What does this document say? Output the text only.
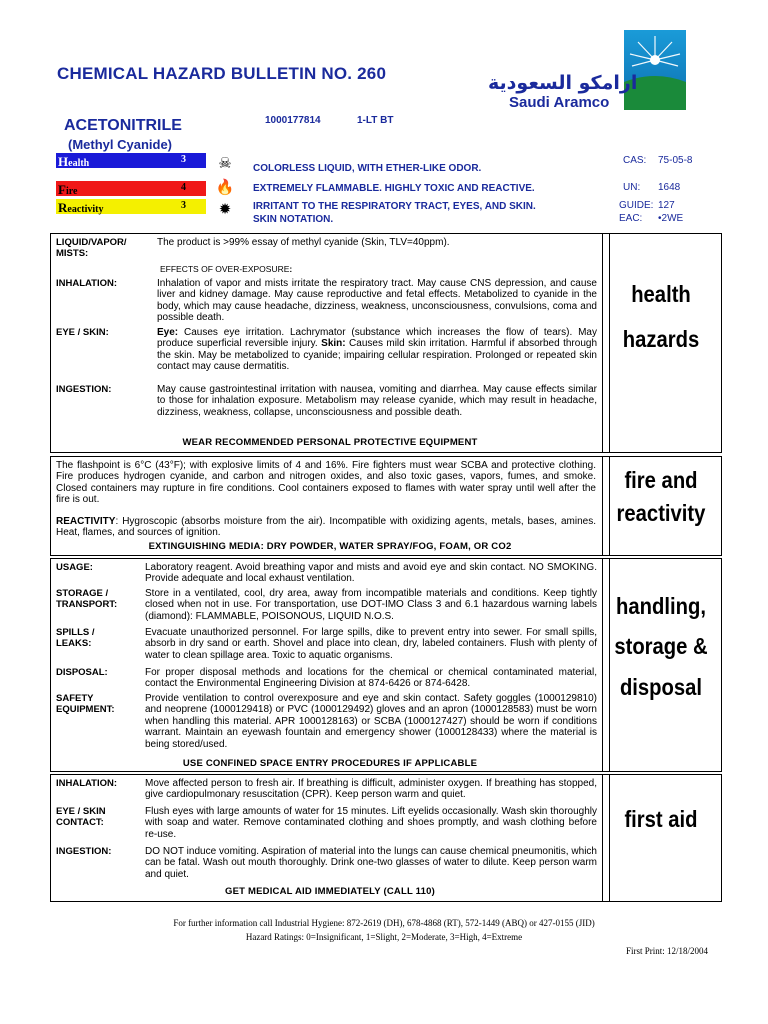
CHEMICAL HAZARD BULLETIN NO. 260	ارامكو السعودية
Saudi Aramco
ACETONITRILE
(Methyl Cyanide)
1000177814	1-LT BT
Health	3
Fire	4
Reactivity	3
☠
🔥
✹
COLORLESS LIQUID, WITH ETHER-LIKE ODOR.
EXTREMELY FLAMMABLE. HIGHLY TOXIC AND REACTIVE.
IRRITANT TO THE RESPIRATORY TRACT, EYES, AND SKIN. SKIN NOTATION.
CAS: 75-05-8
UN: 1648
GUIDE: 127
EAC: •2WE
health
hazards
LIQUID/VAPOR/ MISTS:
The product is >99% essay of methyl cyanide (Skin, TLV=40ppm).
EFFECTS OF OVER-EXPOSURE:
INHALATION:	Inhalation of vapor and mists irritate the respiratory tract. May cause CNS depression, and cause liver and kidney damage. May cause reproductive and fetal effects. Metabolized to cyanide in the body, which may cause headache, dizziness, weakness, unconsciousness, convulsions, coma and possible death.
EYE / SKIN:	Eye: Causes eye irritation. Lachrymator (substance which increases the flow of tears). May produce superficial reversible injury. Skin: Causes mild skin irritation. Harmful if absorbed through the skin. May be metabolized to cyanide; impairing cellular respiration. Prolonged or repeated skin contact may cause dermatitis.
INGESTION:	May cause gastrointestinal irritation with nausea, vomiting and diarrhea. May cause effects similar to those for inhalation exposure. Metabolism may release cyanide, which may result in headache, dizziness, weakness, collapse, unconsciousness and possible death.
WEAR RECOMMENDED PERSONAL PROTECTIVE EQUIPMENT
fire and
reactivity
The flashpoint is 6°C (43°F); with explosive limits of 4 and 16%. Fire fighters must wear SCBA and protective clothing. Fire produces hydrogen cyanide, and carbon and nitrogen oxides, and also toxic gases, vapors, fumes, and smoke. Closed containers may rupture in fire conditions. Cool containers exposed to flames with water spray until well after the fire is out.
REACTIVITY: Hygroscopic (absorbs moisture from the air). Incompatible with oxidizing agents, metals, bases, amines. Heat, flames, and sources of ignition.
EXTINGUISHING MEDIA: DRY POWDER, WATER SPRAY/FOG, FOAM, OR CO2
handling,
storage &
disposal
USAGE:	Laboratory reagent. Avoid breathing vapor and mists and avoid eye and skin contact. NO SMOKING. Provide adequate and local exhaust ventilation.
STORAGE / TRANSPORT:
Store in a ventilated, cool, dry area, away from incompatible materials and conditions. Keep tightly closed when not in use. For transportation, use DOT-IMO Class 3 and 6.1 hazardous warning labels (diamond): FLAMMABLE, POISONOUS, LIQUID N.O.S.
SPILLS / LEAKS:
Evacuate unauthorized personnel. For large spills, dike to prevent entry into sewer. For small spills, absorb in dry sand or earth. Shovel and place into clean, dry, labeled containers. Flush with plenty of water to clean spillage area. Toxic to aquatic organisms.
DISPOSAL:	For proper disposal methods and locations for the chemical or chemical contaminated material, contact the Environmental Engineering Division at 874-6426 or 874-6428.
SAFETY EQUIPMENT:
Provide ventilation to control overexposure and eye and skin contact. Safety goggles (1000129810) and neoprene (1000129418) or PVC (1000129492) gloves and an apron (1000128583) must be worn when handling this material. APR 1000128163) or SCBA (1000127427) should be worn if conditions warrant. Maintain an eyewash fountain and emergency shower (1000128433) where the material is being stored/used.
USE CONFINED SPACE ENTRY PROCEDURES IF APPLICABLE
first aid
INHALATION:	Move affected person to fresh air. If breathing is difficult, administer oxygen. If breathing has stopped, give cardiopulmonary resuscitation (CPR). Keep person warm and quiet.
EYE / SKIN CONTACT:
Flush eyes with large amounts of water for 15 minutes. Lift eyelids occasionally. Wash skin thoroughly with soap and water. Remove contaminated clothing and shoes promptly, and wash clothing before re-use.
INGESTION:	DO NOT induce vomiting. Aspiration of material into the lungs can cause chemical pneumonitis, which can be fatal. Wash out mouth thoroughly. Drink one-two glasses of water to dilute. Keep person warm and quiet.
GET MEDICAL AID IMMEDIATELY (CALL 110)
For further information call Industrial Hygiene: 872-2619 (DH), 678-4868 (RT), 572-1449 (ABQ) or 427-0155 (JID)
Hazard Ratings: 0=Insignificant, 1=Slight, 2=Moderate, 3=High, 4=Extreme
First Print: 12/18/2004
